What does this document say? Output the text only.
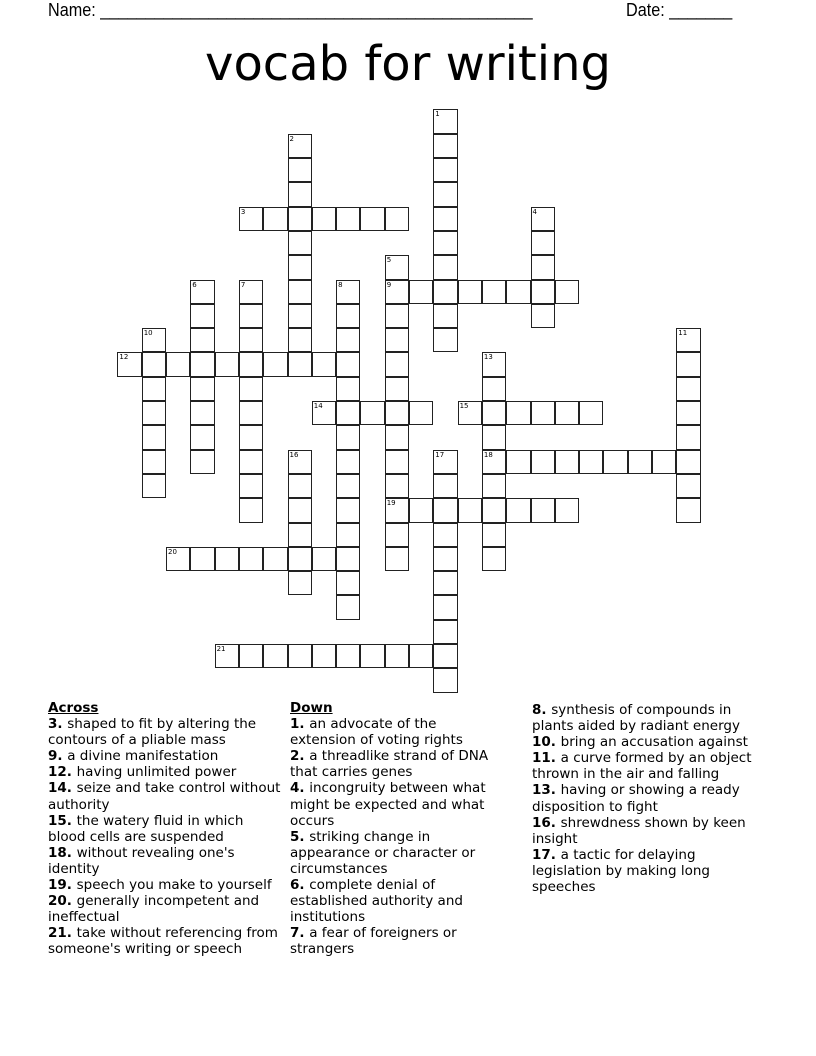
Name: ________________________________________________	Date: _______
vocab for writing
1
2
3	4
5
9
19
6	7	8
10	11
12	13
18
14	15
16	17
20
21
Across
3. shaped to fit by altering the contours of a pliable mass
9. a divine manifestation
12. having unlimited power
14. seize and take control without authority
15. the watery fluid in which blood cells are suspended
18. without revealing one's identity
19. speech you make to yourself
20. generally incompetent and ineffectual
21. take without referencing from someone's writing or speech
Down
1. an advocate of the extension of voting rights
2. a threadlike strand of DNA that carries genes
4. incongruity between what might be expected and what occurs
5. striking change in appearance or character or circumstances
6. complete denial of established authority and institutions
7. a fear of foreigners or strangers
8. synthesis of compounds in plants aided by radiant energy
10. bring an accusation against
11. a curve formed by an object thrown in the air and falling
13. having or showing a ready disposition to fight
16. shrewdness shown by keen insight
17. a tactic for delaying legislation by making long speeches
